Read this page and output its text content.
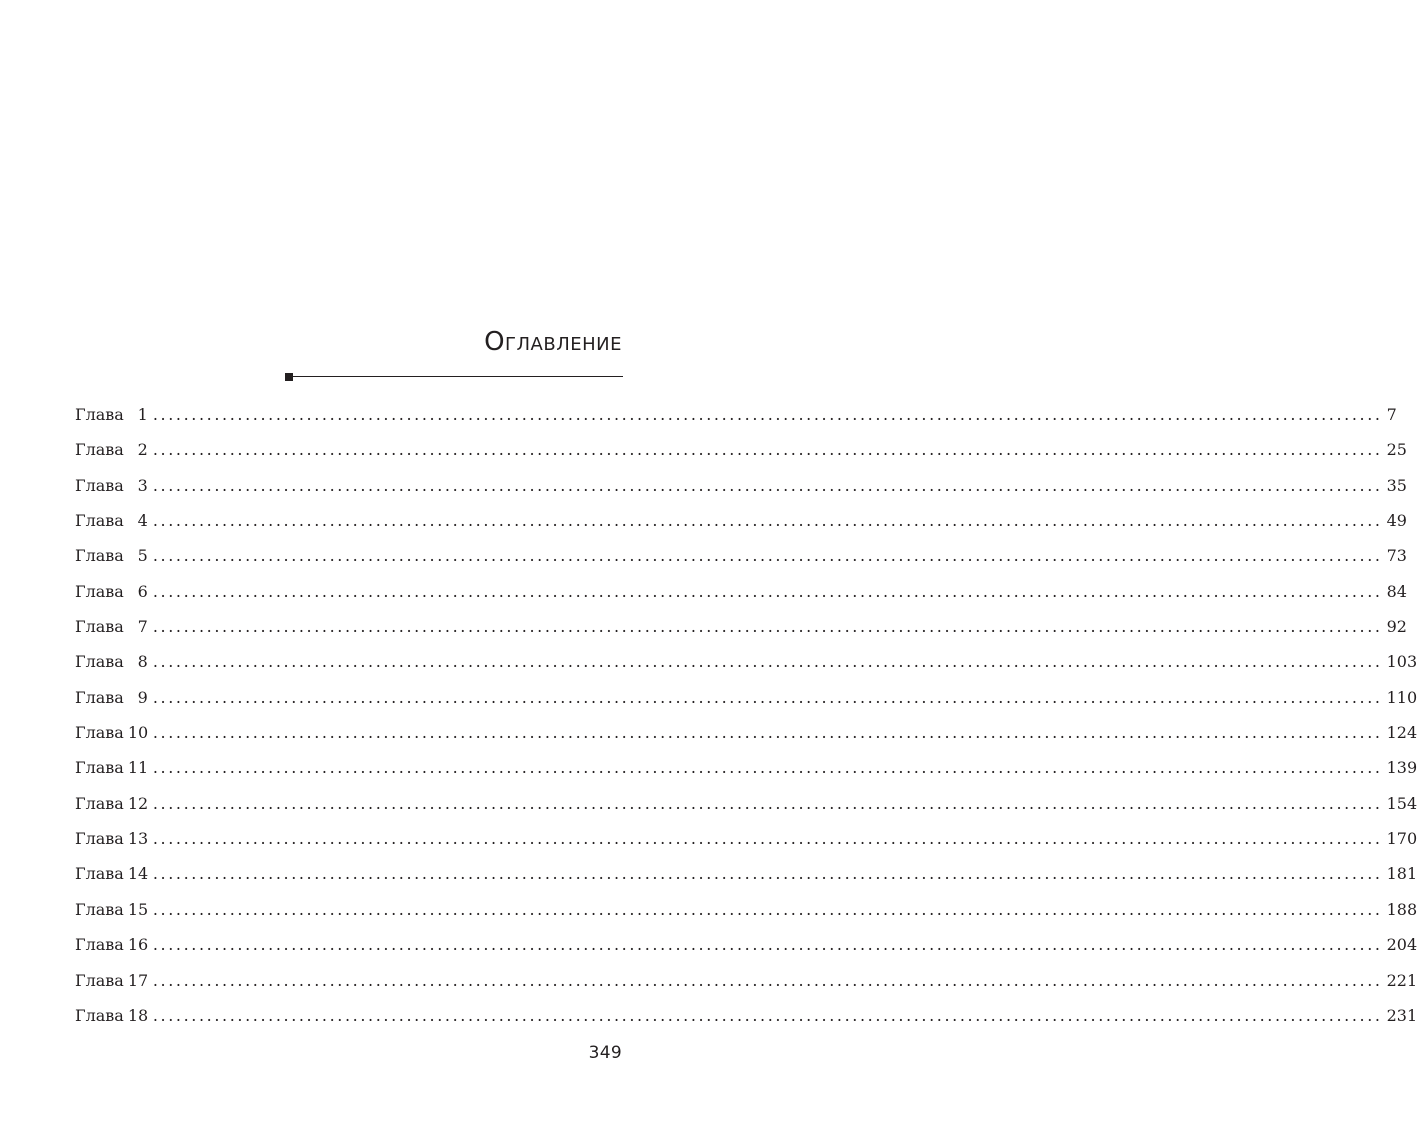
Оглавление
Глава 1 ................................................................................................................................................................ 7
Глава 2 ................................................................................................................................................................ 25
Глава 3 ................................................................................................................................................................ 35
Глава 4 ................................................................................................................................................................ 49
Глава 5 ................................................................................................................................................................ 73
Глава 6 ................................................................................................................................................................ 84
Глава 7 ................................................................................................................................................................ 92
Глава 8 ................................................................................................................................................................ 103
Глава 9 ................................................................................................................................................................ 110
Глава 10 ................................................................................................................................................................ 124
Глава 11 ................................................................................................................................................................ 139
Глава 12 ................................................................................................................................................................ 154
Глава 13 ................................................................................................................................................................ 170
Глава 14 ................................................................................................................................................................ 181
Глава 15 ................................................................................................................................................................ 188
Глава 16 ................................................................................................................................................................ 204
Глава 17 ................................................................................................................................................................ 221
Глава 18 ................................................................................................................................................................ 231
349
